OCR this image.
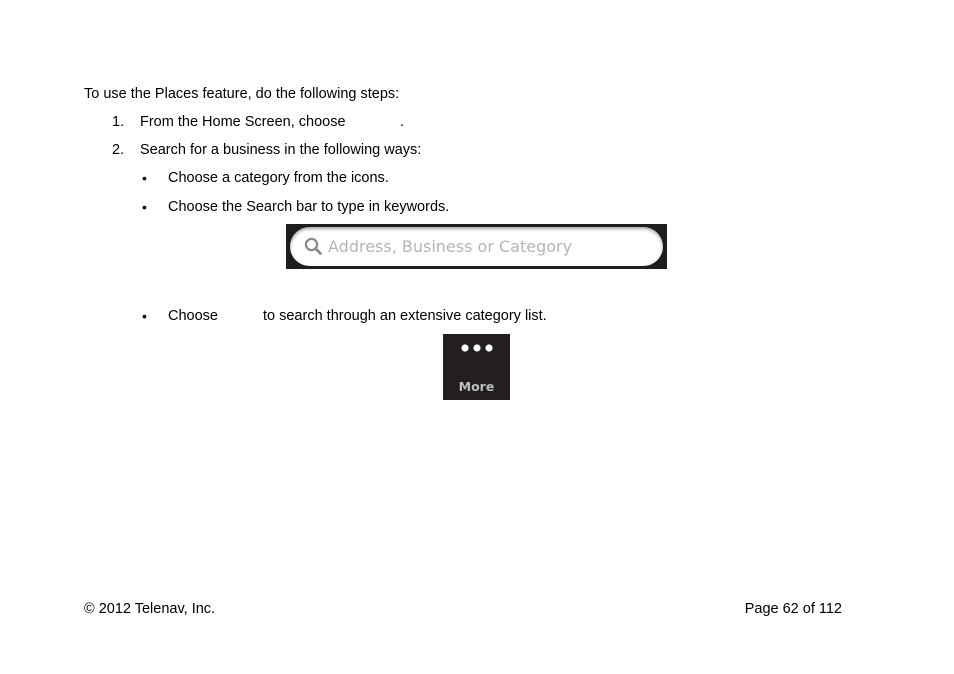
To use the Places feature, do the following steps:
1. From the Home Screen, choose	.
2. Search for a business in the following ways:
• Choose a category from the icons.
• Choose the Search bar to type in keywords.
Address, Business or Category
• Choose	to search through an extensive category list.
More
© 2012 Telenav, Inc.	Page 62 of 112
